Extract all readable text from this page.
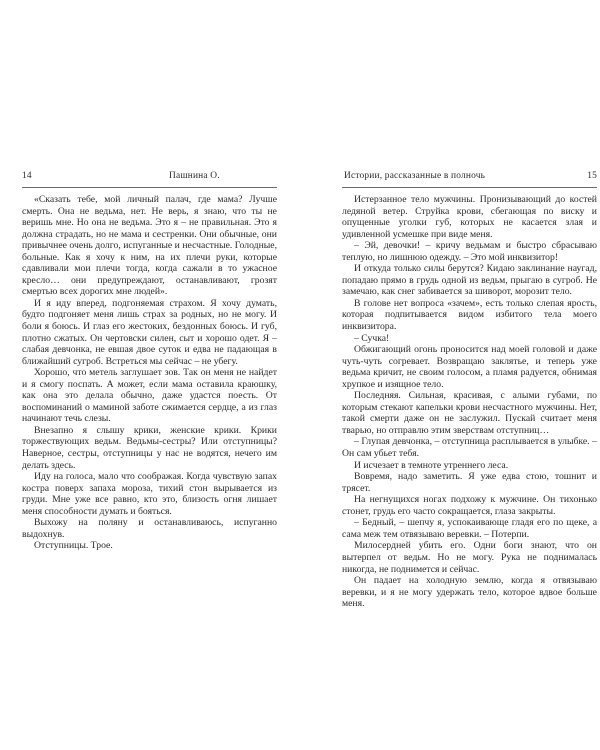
14	Пашнина О.

«Сказать тебе, мой личный палач, где мама? Лучше смерть. Она не ведьма, нет. Не верь, я знаю, что ты не веришь мне. Но она не ведьма. Это я – не правильная. Это я должна страдать, но не мама и сестренки. Они обычные, они привычнее очень долго, испуганные и несчастные. Голодные, больные. Как я хочу к ним, на их плечи руки, которые сдавливали мои плечи тогда, когда сажали в то ужасное кресло… они предупреждают, останавливают, грозят смертью всех дорогих мне людей».

И я иду вперед, подгоняемая страхом. Я хочу думать, будто подгоняет меня лишь страх за родных, но не могу. И боли я боюсь. И глаз его жестоких, бездонных боюсь. И губ, плотно сжатых. Он чертовски силен, сыт и хорошо одет. Я – слабая девчонка, не евшая двое суток и едва не падающая в ближайший сугроб. Встреться мы сейчас – не убегу.

Хорошо, что метель заглушает зов. Так он меня не найдет и я смогу поспать. А может, если мама оставила краюшку, как она это делала обычно, даже удастся поесть. От воспоминаний о маминой заботе сжимается сердце, а из глаз начинают течь слезы.

Внезапно я слышу крики, женские крики. Крики торжествующих ведьм. Ведьмы-сестры? Или отступницы? Наверное, сестры, отступницы у нас не водятся, нечего им делать здесь.

Иду на голоса, мало что соображая. Когда чувствую запах костра поверх запаха мороза, тихий стон вырывается из груди. Мне уже все равно, кто это, близость огня лишает меня способности думать и бояться.

Выхожу на поляну и останавливаюсь, испуганно выдохнув.

Отступницы. Трое.

Истории, рассказанные в полночь	15

Истерзанное тело мужчины. Пронизывающий до костей ледяной ветер. Струйка крови, сбегающая по виску и опущенные уголки губ, которых не касается злая и удивленной усмешке при виде меня.

– Эй, девочки! – кричу ведьмам и быстро сбрасываю теплую, но лишнюю одежду. – Это мой инквизитор!

И откуда только силы берутся? Кидаю заклинание наугад, попадаю прямо в грудь одной из ведьм, прыгаю в сугроб. Не замечаю, как снег забивается за шиворот, морозит тело.

В голове нет вопроса «зачем», есть только слепая ярость, которая подпитывается видом избитого тела моего инквизитора.

– Сучка!

Обжигающий огонь проносится над моей головой и даже чуть-чуть согревает. Возвращаю заклятье, и теперь уже ведьма кричит, не своим голосом, а пламя радуется, обнимая хрупкое и изящное тело.

Последняя. Сильная, красивая, с алыми губами, по которым стекают капельки крови несчастного мужчины. Нет, такой смерти даже он не заслужил. Пускай считает меня тварью, но отправлю этим зверствам отступниц…

– Глупая девчонка, – отступница расплывается в улыбке. – Он сам убьет тебя.

И исчезает в темноте утреннего леса.

Вовремя, надо заметить. Я уже едва стою, тошнит и трясет.

На негнущихся ногах подхожу к мужчине. Он тихонько стонет, грудь его часто сокращается, глаза закрыты.

– Бедный, – шепчу я, успокаивающе гладя его по щеке, а сама меж тем отвязываю веревки. – Потерпи.

Милосердней убить его. Одни боги знают, что он вытерпел от ведьм. Но не могу. Рука не поднималась никогда, не поднимется и сейчас.

Он падает на холодную землю, когда я отвязываю веревки, и я не могу удержать тело, которое вдвое больше меня.
